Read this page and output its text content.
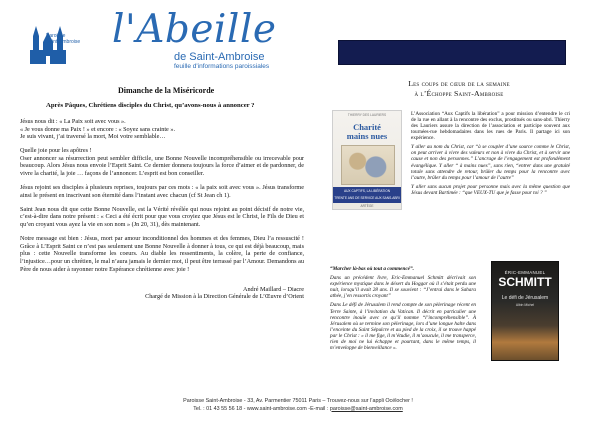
Paroisse
Saint-Ambroise l'Abeille
de Saint-Ambroise
feuille d'informations paroissiales
Dimanche de la Miséricorde
Après Pâques, Chrétiens disciples du Christ, qu’avons-nous à annoncer ?

Jésus nous dit : « La Paix soit avec vous ».
« Je vous donne ma Paix ! » et encore : « Soyez sans crainte ».
Je suis vivant, j’ai traversé la mort, Moi votre semblable…

Quelle joie pour les apôtres !
Oser annoncer sa résurrection peut sembler difficile, une Bonne Nouvelle incompréhensible ou irrecevable pour beaucoup. Alors Jésus nous envoie l’Esprit Saint. Ce dernier donnera toujours la force d’aimer et de pardonner, de vivre la charité, la joie … façons de l’annoncer. L’esprit est bon conseiller.

Jésus rejoint ses disciples à plusieurs reprises, toujours par ces mots : « la paix soit avec vous ». Jésus transforme ainsi le présent en inscrivant son éternité dans l’instant avec chacun (cf St Jean ch 1).

Saint Jean nous dit que cette Bonne Nouvelle, est la Vérité révélée qui nous rejoint au point décisif de notre vie, c’est-à-dire dans notre présent : « Ceci a été écrit pour que vous croyiez que Jésus est le Christ, le Fils de Dieu et qu’en croyant vous ayez la vie en son nom » (Jn 20, 31), dès maintenant.

Notre message est bien : Jésus, mort par amour inconditionnel des hommes et des femmes, Dieu l’a ressuscité ! Grâce à L’Esprit Saint ce n’est pas seulement une Bonne Nouvelle à donner à tous, ce qui est déjà beaucoup, mais plus : cette Nouvelle transforme les coeurs. Au diable les ressentiments, la colère, la perte de confiance, l’injustice…pour un chrétien, le mal n’aura jamais le dernier mot, il peut être terrassé par l’Amour. Demandons au Père de nous aider à rayonner notre Espérance chrétienne avec joie !

André Maillard – Diacre
Chargé de Mission à la Direction Générale de L’Œuvre d’Orient
Les coups de cœur de la semaine
à l’Échoppe Saint-Ambroise
THIERRY DES LAURIERS
Charité
mains nues
AUX CAPTIFS, LA LIBÉRATION
TRENTE ANS DE SERVICE AUX SANS-ABRI
ARTÈGE

L’Association “Aux Captifs la libération” a pour mission d’entendre le cri de la rue en allant à la rencontre des exclus, prostitués ou sans-abri. Thierry des Lauriers assure la direction de l’association et participe souvent aux tournées-rue hebdomadaires dans les rues de Paris. Il partage ici son expérience.

Y aller au nom du Christ, car “à se coupler d’une source comme le Christ, on peut arriver à vivre des valeurs et non à vivre du Christ, et à servir une cause et non des personnes.” L’ancrage de l’engagement est profondément évangélique. Y aller “ à mains nues”, sans rien, “entrer dans une gratuité totale sans attendre de retour, brûler du temps pour la rencontre avec l’autre, brûler du temps pour l’amour de l’autre”

Y aller sans aucun projet pour personne mais avec la même question que Jésus devant Bartimée : “que VEUX-TU que je fasse pour toi ? ”

“Marcher là-bas où tout a commencé”.

Dans un précédent livre, Eric-Emmanuel Schmitt décrivait son expérience mystique dans le désert du Hoggar où il s’était perdu une nuit, lorsqu’il avait 28 ans. Il se souvient : “J’entrai dans le Sahara athée, j’en ressortis croyant”

Dans Le défi de Jérusalem il rend compte de son pèlerinage récent en Terre Sainte, à l’invitation du Vatican. Il décrit en particulier une rencontre inouïe avec ce qu’il nomme “l’incompréhensible”. À Jérusalem où se termine son pèlerinage, lors d’une longue halte dans l’enceinte du Saint Sépulcre et au pied de la croix, il se trouve happé par le Christ : « il me fige, il m’étudie, il m’aoucule, il me transperce, rien de moi ne lui échappe et pourtant, dans le même temps, il m’enveloppe de bienveillance ».

ÉRIC-EMMANUEL
SCHMITT
Le défi de Jérusalem
Albin Michel
Paroisse Saint-Ambroise - 33, Av. Parmentier 75011 Paris – Trouvez-nous sur l’appli Océlocher !
Tel. : 01 43 55 56 18 - www.saint-ambroise.com -E-mail : paroisse@saint-ambroise.com
